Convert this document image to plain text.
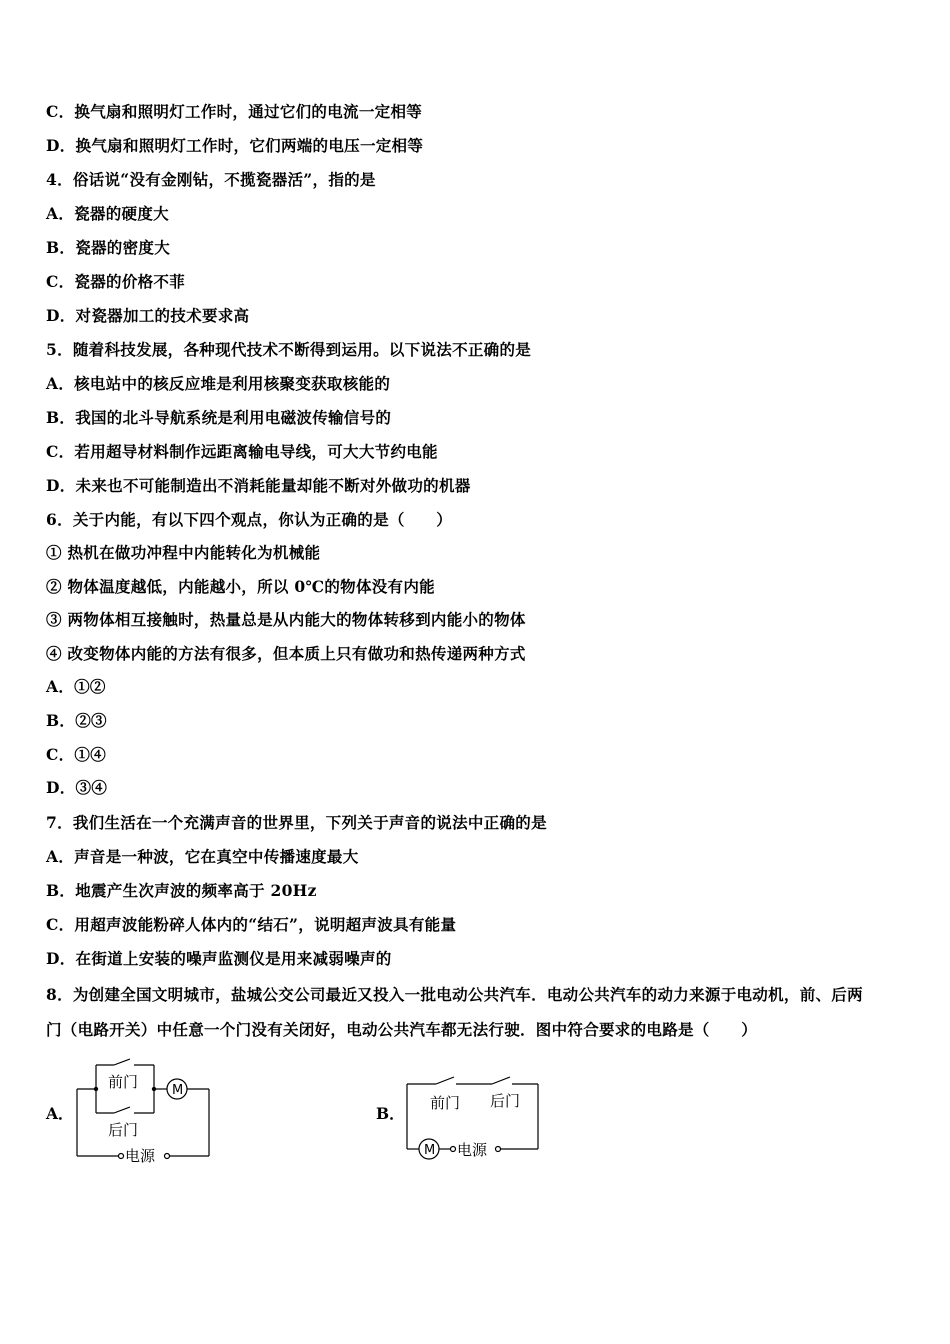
C．换气扇和照明灯工作时，通过它们的电流一定相等
D．换气扇和照明灯工作时，它们两端的电压一定相等
4．俗话说“没有金刚钻，不揽瓷器活”，指的是
A．瓷器的硬度大
B．瓷器的密度大
C．瓷器的价格不菲
D．对瓷器加工的技术要求高
5．随着科技发展，各种现代技术不断得到运用。以下说法不正确的是
A．核电站中的核反应堆是利用核聚变获取核能的
B．我国的北斗导航系统是利用电磁波传输信号的
C．若用超导材料制作远距离输电导线，可大大节约电能
D．未来也不可能制造出不消耗能量却能不断对外做功的机器
6．关于内能，有以下四个观点，你认为正确的是（　　）
① 热机在做功冲程中内能转化为机械能
② 物体温度越低，内能越小，所以 0℃的物体没有内能
③ 两物体相互接触时，热量总是从内能大的物体转移到内能小的物体
④ 改变物体内能的方法有很多，但本质上只有做功和热传递两种方式
A．①②
B．②③
C．①④
D．③④
7．我们生活在一个充满声音的世界里，下列关于声音的说法中正确的是
A．声音是一种波，它在真空中传播速度最大
B．地震产生次声波的频率高于 20Hz
C．用超声波能粉碎人体内的“结石”，说明超声波具有能量
D．在街道上安装的噪声监测仪是用来减弱噪声的
8．为创建全国文明城市，盐城公交公司最近又投入一批电动公共汽车．电动公共汽车的动力来源于电动机，前、后两
门（电路开关）中任意一个门没有关闭好，电动公共汽车都无法行驶．图中符合要求的电路是（　　）
A．
前门
后门
M
电源
B．
前门 后门
M 电源
